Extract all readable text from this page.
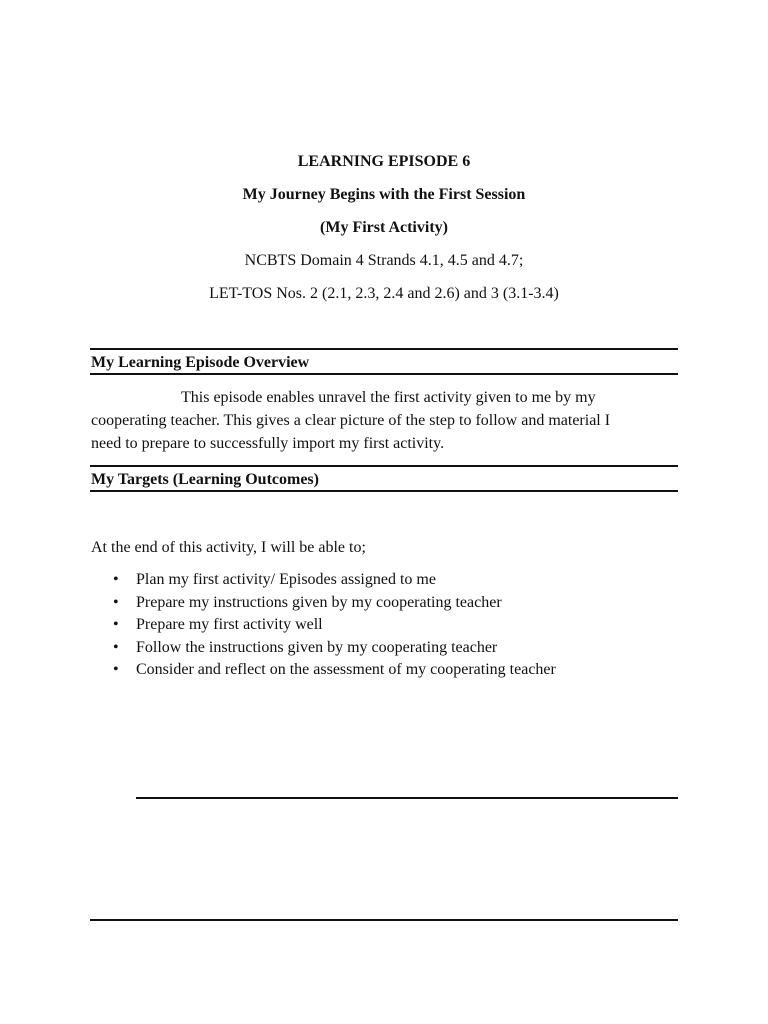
LEARNING EPISODE 6
My Journey Begins with the First Session
(My First Activity)
NCBTS Domain 4 Strands 4.1, 4.5 and 4.7;
LET-TOS Nos. 2 (2.1, 2.3, 2.4 and 2.6) and 3 (3.1-3.4)
My Learning Episode Overview
This episode enables unravel the first activity given to me by my
cooperating teacher. This gives a clear picture of the step to follow and material I
need to prepare to successfully import my first activity.
My Targets (Learning Outcomes)
At the end of this activity, I will be able to;
• Plan my first activity/ Episodes assigned to me
• Prepare my instructions given by my cooperating teacher
• Prepare my first activity well
• Follow the instructions given by my cooperating teacher
• Consider and reflect on the assessment of my cooperating teacher
